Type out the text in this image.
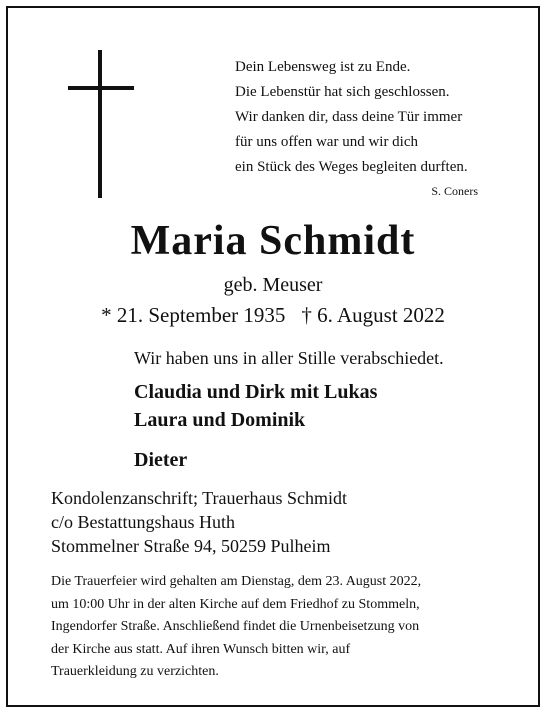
Dein Lebensweg ist zu Ende.
Die Lebenstür hat sich geschlossen.
Wir danken dir, dass deine Tür immer
für uns offen war und wir dich
ein Stück des Weges begleiten durften.
S. Coners
Maria Schmidt
geb. Meuser
* 21. September 1935 † 6. August 2022
Wir haben uns in aller Stille verabschiedet.
Claudia und Dirk mit Lukas
Laura und Dominik
Dieter
Kondolenzanschrift; Trauerhaus Schmidt
c/o Bestattungshaus Huth
Stommelner Straße 94, 50259 Pulheim
Die Trauerfeier wird gehalten am Dienstag, dem 23. August 2022,
um 10:00 Uhr in der alten Kirche auf dem Friedhof zu Stommeln,
Ingendorfer Straße. Anschließend findet die Urnenbeisetzung von
der Kirche aus statt. Auf ihren Wunsch bitten wir, auf
Trauerkleidung zu verzichten.
